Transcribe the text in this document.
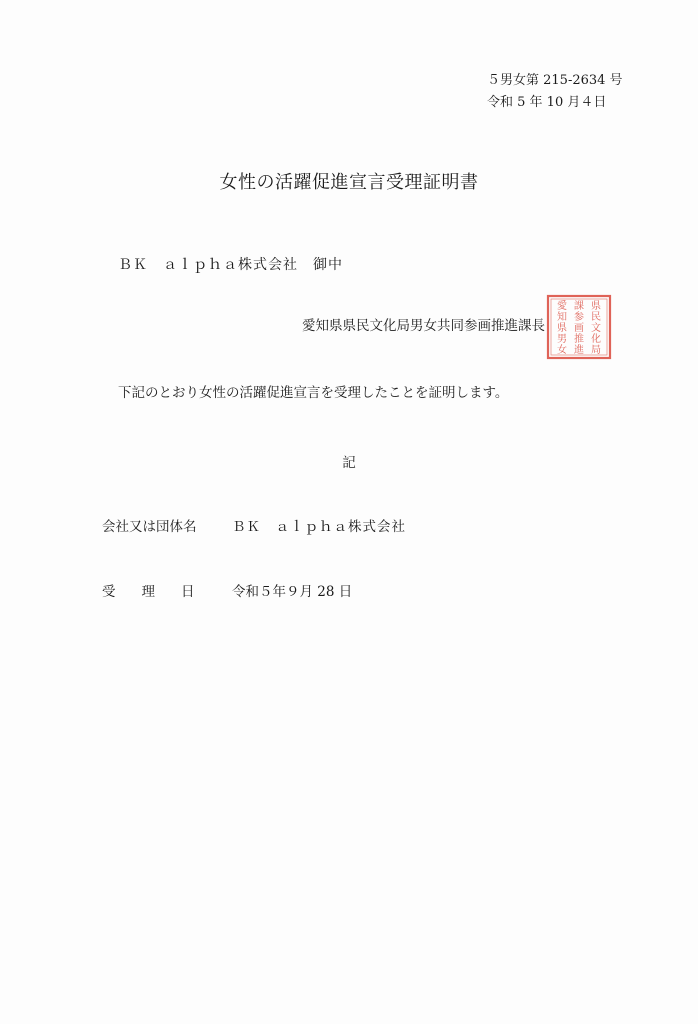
５男女第 215-2634 号
令和 5 年 10 月４日
女性の活躍促進宣言受理証明書
ＢＫ　ａｌｐｈａ株式会社　御中
愛知県県民文化局男女共同参画推進課長
愛 課 県
知 参 民
県 画 文
男 推 化
女 進 局
下記のとおり女性の活躍促進宣言を受理したことを証明します。
記
会社又は団体名	ＢＫ　ａｌｐｈａ株式会社
受理日 令和５年９月 28 日
